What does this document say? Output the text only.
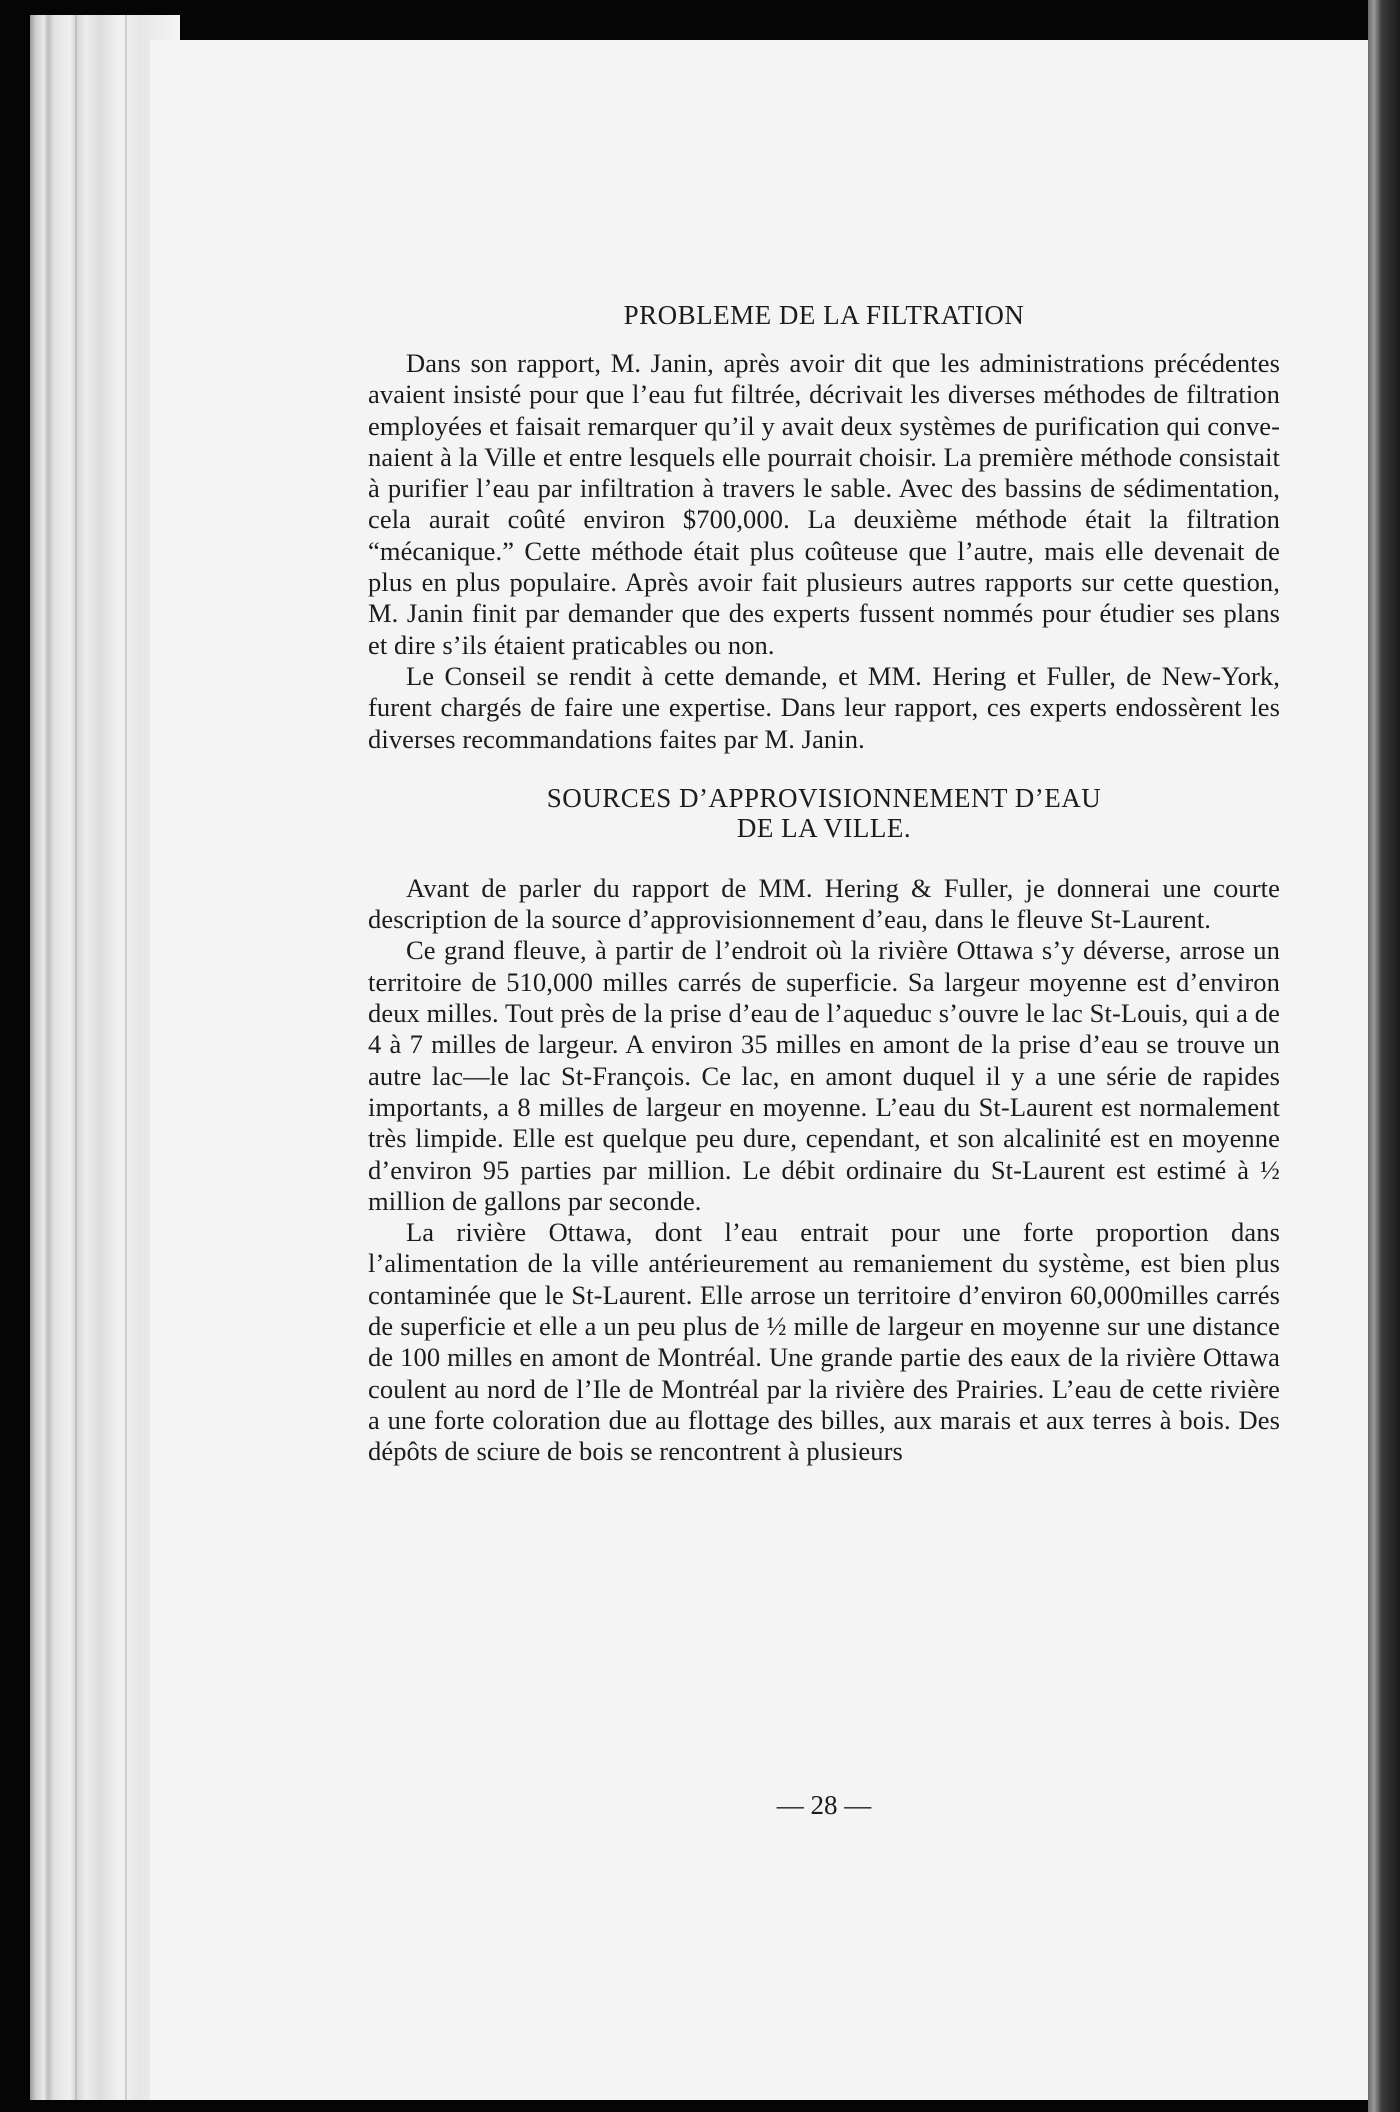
PROBLEME DE LA FILTRATION

Dans son rapport, M. Janin, après avoir dit que les administrations précédentes avaient insisté pour que l’eau fut filtrée, décrivait les diverses méthodes de filtration employées et faisait remarquer qu’il y avait deux systèmes de purification qui convenaient à la Ville et entre lesquels elle pourrait choisir. La première méthode consistait à purifier l’eau par infiltration à travers le sable. Avec des bassins de sédimentation, cela aurait coûté environ $700,000. La deuxième méthode était la filtration “mécanique.” Cette méthode était plus coûteuse que l’autre, mais elle devenait de plus en plus populaire. Après avoir fait plusieurs autres rapports sur cette question, M. Janin finit par demander que des experts fussent nommés pour étudier ses plans et dire s’ils étaient praticables ou non.

Le Conseil se rendit à cette demande, et MM. Hering et Fuller, de New-York, furent chargés de faire une expertise. Dans leur rapport, ces experts endossèrent les diverses recommandations faites par M. Janin.

SOURCES D’APPROVISIONNEMENT D’EAU
DE LA VILLE.

Avant de parler du rapport de MM. Hering & Fuller, je donnerai une courte description de la source d’approvisionnement d’eau, dans le fleuve St-Laurent.

Ce grand fleuve, à partir de l’endroit où la rivière Ottawa s’y déverse, arrose un territoire de 510,000 milles carrés de superficie. Sa largeur moyenne est d’environ deux milles. Tout près de la prise d’eau de l’aqueduc s’ouvre le lac St-Louis, qui a de 4 à 7 milles de largeur. A environ 35 milles en amont de la prise d’eau se trouve un autre lac—le lac St-François. Ce lac, en amont duquel il y a une série de rapides importants, a 8 milles de largeur en moyenne. L’eau du St-Laurent est normalement très limpide. Elle est quelque peu dure, cependant, et son alcalinité est en moyenne d’environ 95 parties par million. Le débit ordinaire du St-Laurent est estimé à ½ million de gallons par seconde.

La rivière Ottawa, dont l’eau entrait pour une forte proportion dans l’alimentation de la ville antérieurement au remaniement du système, est bien plus contaminée que le St-Laurent. Elle arrose un territoire d’environ 60,000milles carrés de superficie et elle a un peu plus de ½ mille de largeur en moyenne sur une distance de 100 milles en amont de Montréal. Une grande partie des eaux de la rivière Ottawa coulent au nord de l’Ile de Montréal par la rivière des Prairies. L’eau de cette rivière a une forte coloration due au flottage des billes, aux marais et aux terres à bois. Des dépôts de sciure de bois se rencontrent à plusieurs

— 28 —
